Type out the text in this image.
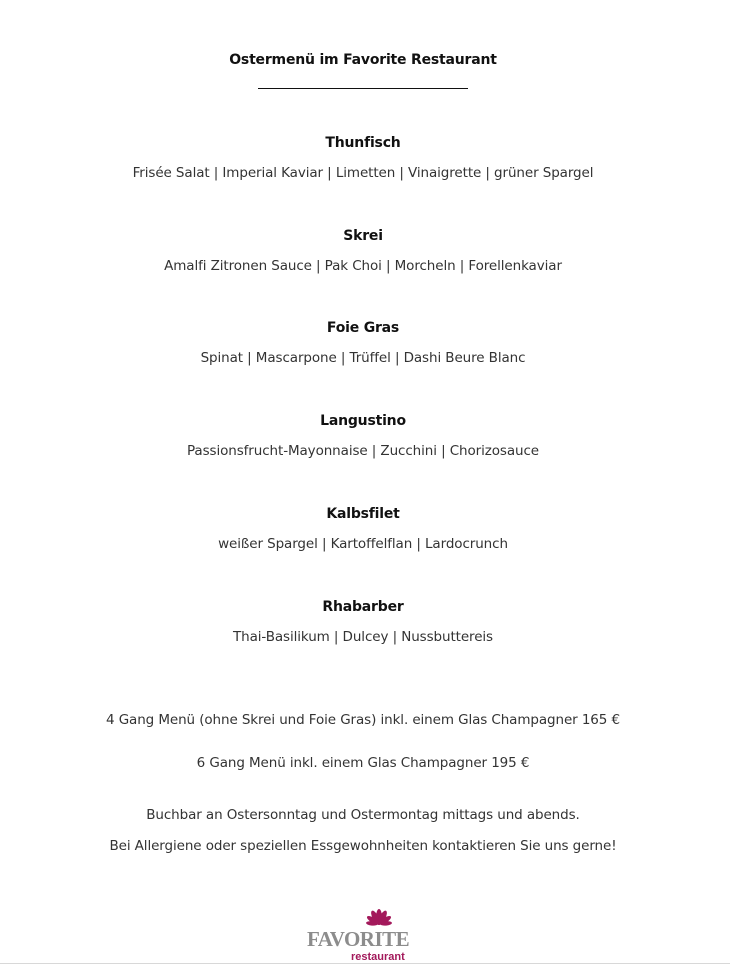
Ostermenü im Favorite Restaurant
Thunfisch
Frisée Salat | Imperial Kaviar | Limetten | Vinaigrette | grüner Spargel
Skrei
Amalfi Zitronen Sauce | Pak Choi | Morcheln | Forellenkaviar
Foie Gras
Spinat | Mascarpone | Trüffel | Dashi Beure Blanc
Langustino
Passionsfrucht-Mayonnaise | Zucchini | Chorizosauce
Kalbsfilet
weißer Spargel | Kartoffelflan | Lardocrunch
Rhabarber
Thai-Basilikum | Dulcey | Nussbuttereis
4 Gang Menü (ohne Skrei und Foie Gras) inkl. einem Glas Champagner 165 €
6 Gang Menü inkl. einem Glas Champagner 195 €
Buchbar an Ostersonntag und Ostermontag mittags und abends.
Bei Allergiene oder speziellen Essgewohnheiten kontaktieren Sie uns gerne!
FAVORITE
restaurant
